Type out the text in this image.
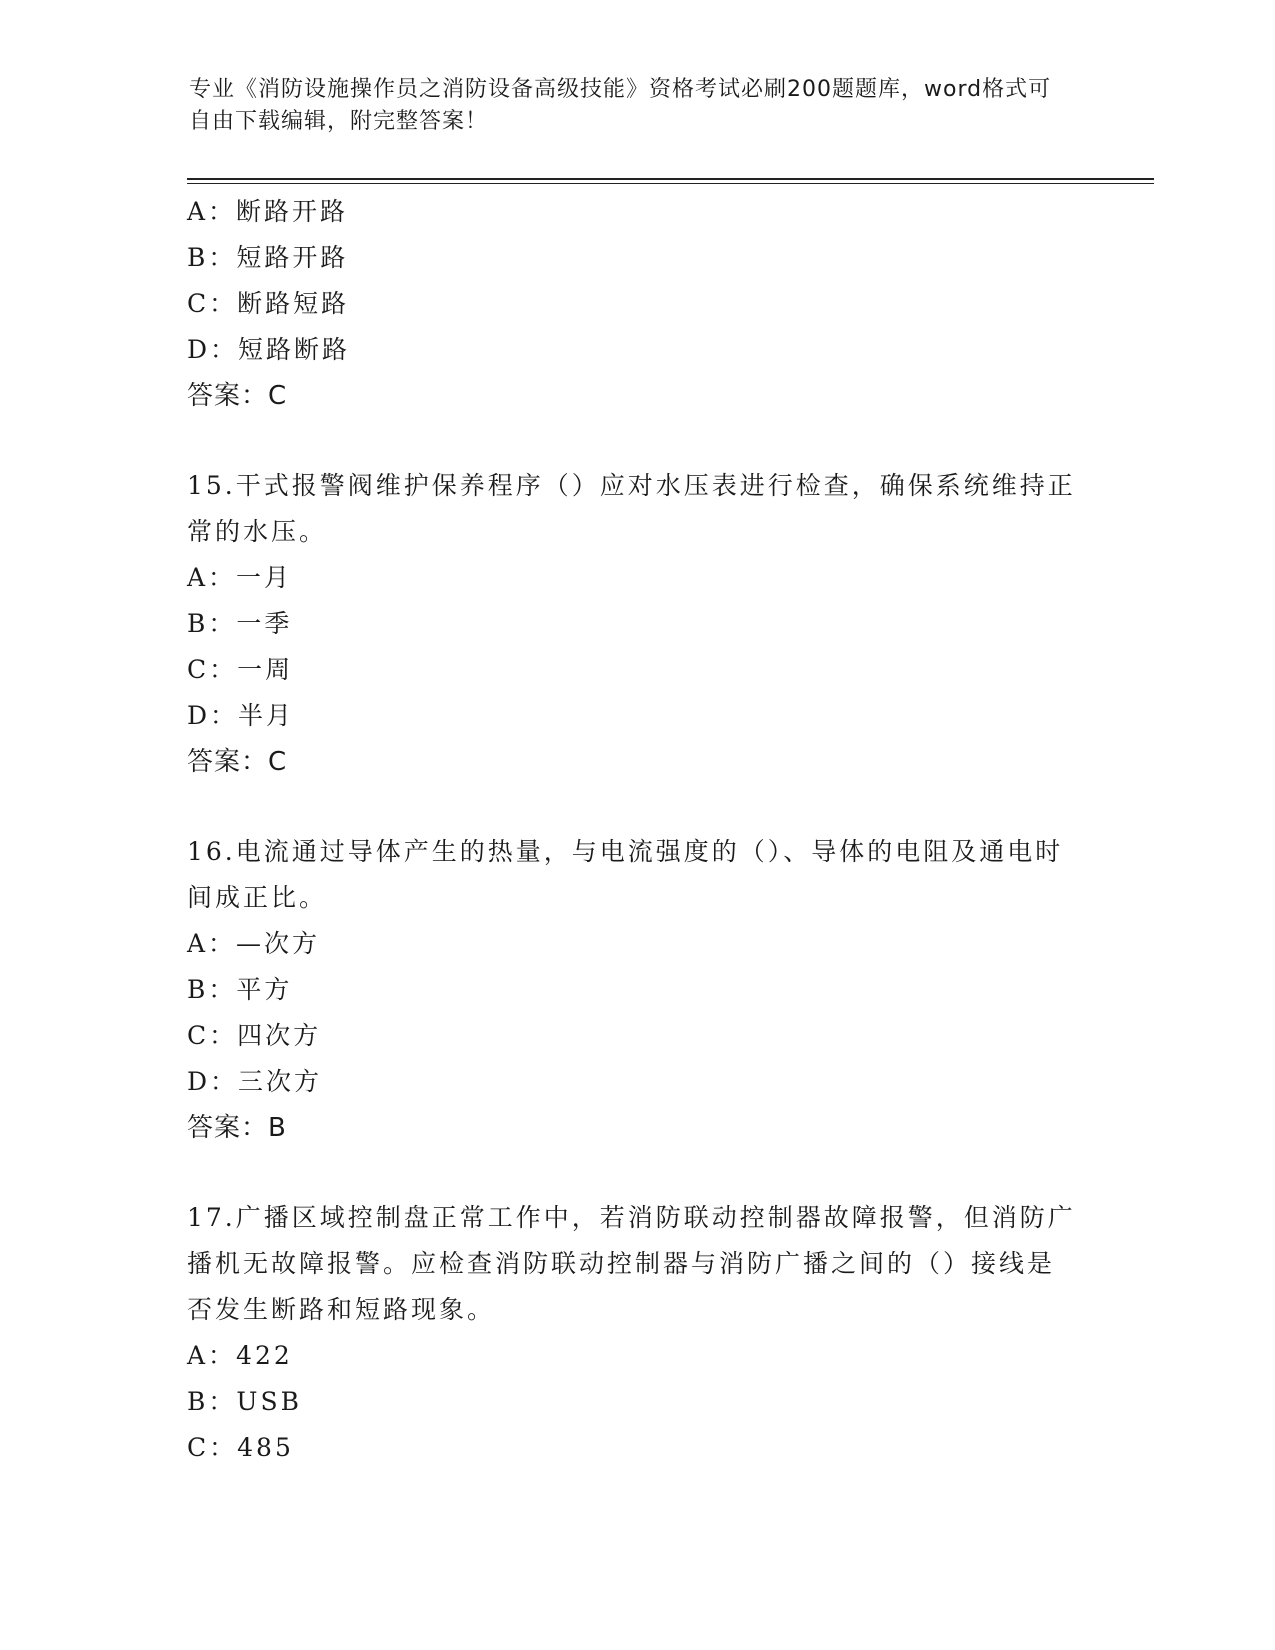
专业《消防设施操作员之消防设备高级技能》资格考试必刷200题题库，word格式可自由下载编辑，附完整答案！
A：断路开路
B：短路开路
C：断路短路
D：短路断路
答案：C
15.干式报警阀维护保养程序（）应对水压表进行检查，确保系统维持正常的水压。
A：一月
B：一季
C：一周
D：半月
答案：C
16.电流通过导体产生的热量，与电流强度的（）、导体的电阻及通电时间成正比。
A：—次方
B：平方
C：四次方
D：三次方
答案：B
17.广播区域控制盘正常工作中，若消防联动控制器故障报警，但消防广播机无故障报警。应检查消防联动控制器与消防广播之间的（）接线是否发生断路和短路现象。
A：422
B：USB
C：485
